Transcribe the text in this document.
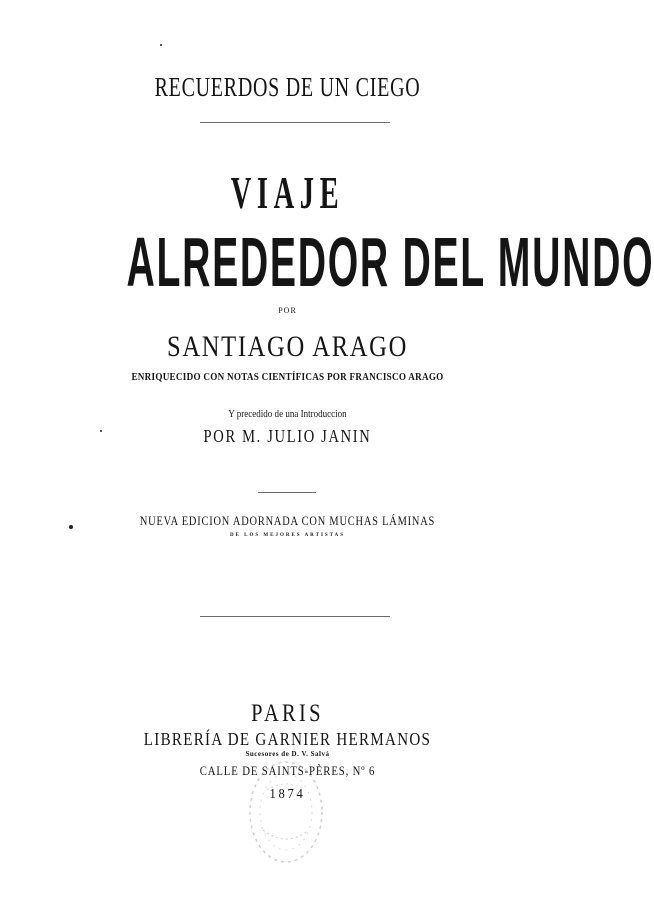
RECUERDOS DE UN CIEGO
VIAJE
ALREDEDOR DEL MUNDO
POR
SANTIAGO ARAGO
ENRIQUECIDO CON NOTAS CIENTÍFICAS POR FRANCISCO ARAGO
Y precedido de una Introduccion
POR M. JULIO JANIN
NUEVA EDICION ADORNADA CON MUCHAS LÁMINAS
DE LOS MEJORES ARTISTAS
PARIS
LIBRERÍA DE GARNIER HERMANOS
Sucesores de D. V. Salvá
CALLE DE SAINTS-PÈRES, Nº 6
1874
